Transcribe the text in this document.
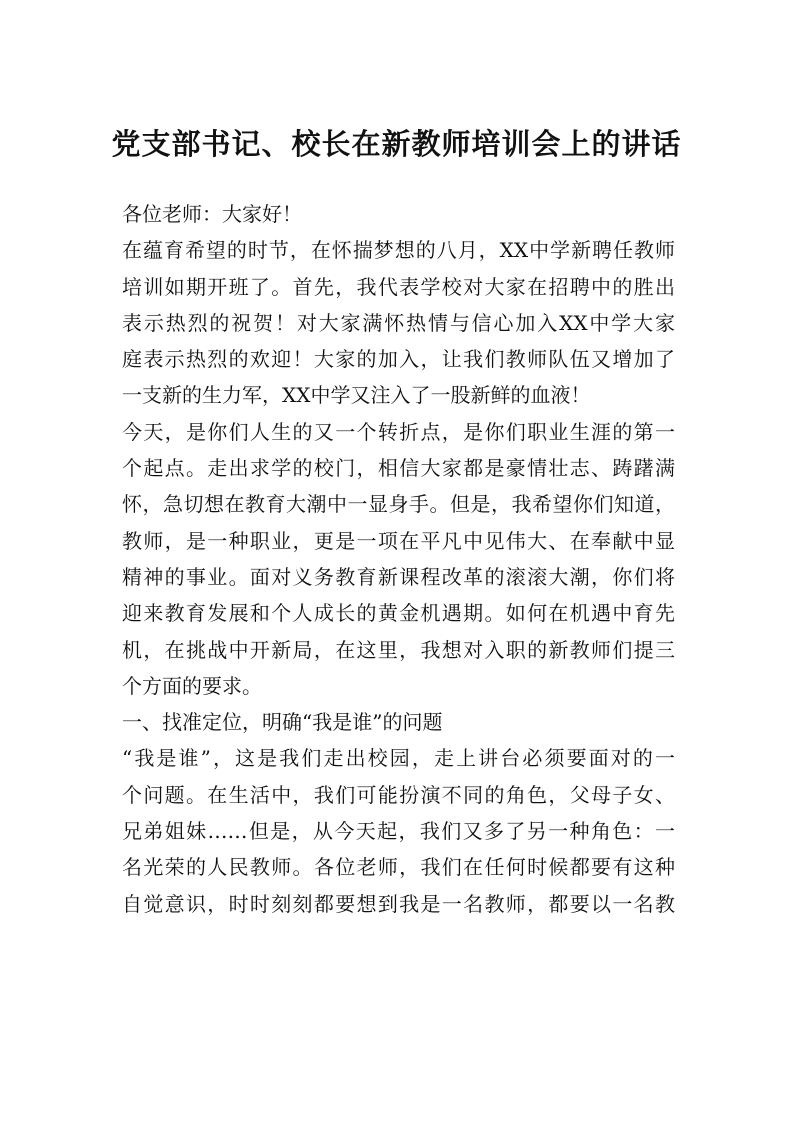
党支部书记、校长在新教师培训会上的讲话
各位老师：大家好！
在蕴育希望的时节，在怀揣梦想的八月，XX中学新聘任教师
培训如期开班了。首先，我代表学校对大家在招聘中的胜出
表示热烈的祝贺！对大家满怀热情与信心加入XX中学大家
庭表示热烈的欢迎！大家的加入，让我们教师队伍又增加了
一支新的生力军，XX中学又注入了一股新鲜的血液！
今天，是你们人生的又一个转折点，是你们职业生涯的第一
个起点。走出求学的校门，相信大家都是豪情壮志、踌躇满
怀，急切想在教育大潮中一显身手。但是，我希望你们知道，
教师，是一种职业，更是一项在平凡中见伟大、在奉献中显
精神的事业。面对义务教育新课程改革的滚滚大潮，你们将
迎来教育发展和个人成长的黄金机遇期。如何在机遇中育先
机，在挑战中开新局，在这里，我想对入职的新教师们提三
个方面的要求。
一、找准定位，明确“我是谁”的问题
“我是谁”，这是我们走出校园，走上讲台必须要面对的一
个问题。在生活中，我们可能扮演不同的角色，父母子女、
兄弟姐妹……但是，从今天起，我们又多了另一种角色：一
名光荣的人民教师。各位老师，我们在任何时候都要有这种
自觉意识，时时刻刻都要想到我是一名教师，都要以一名教
